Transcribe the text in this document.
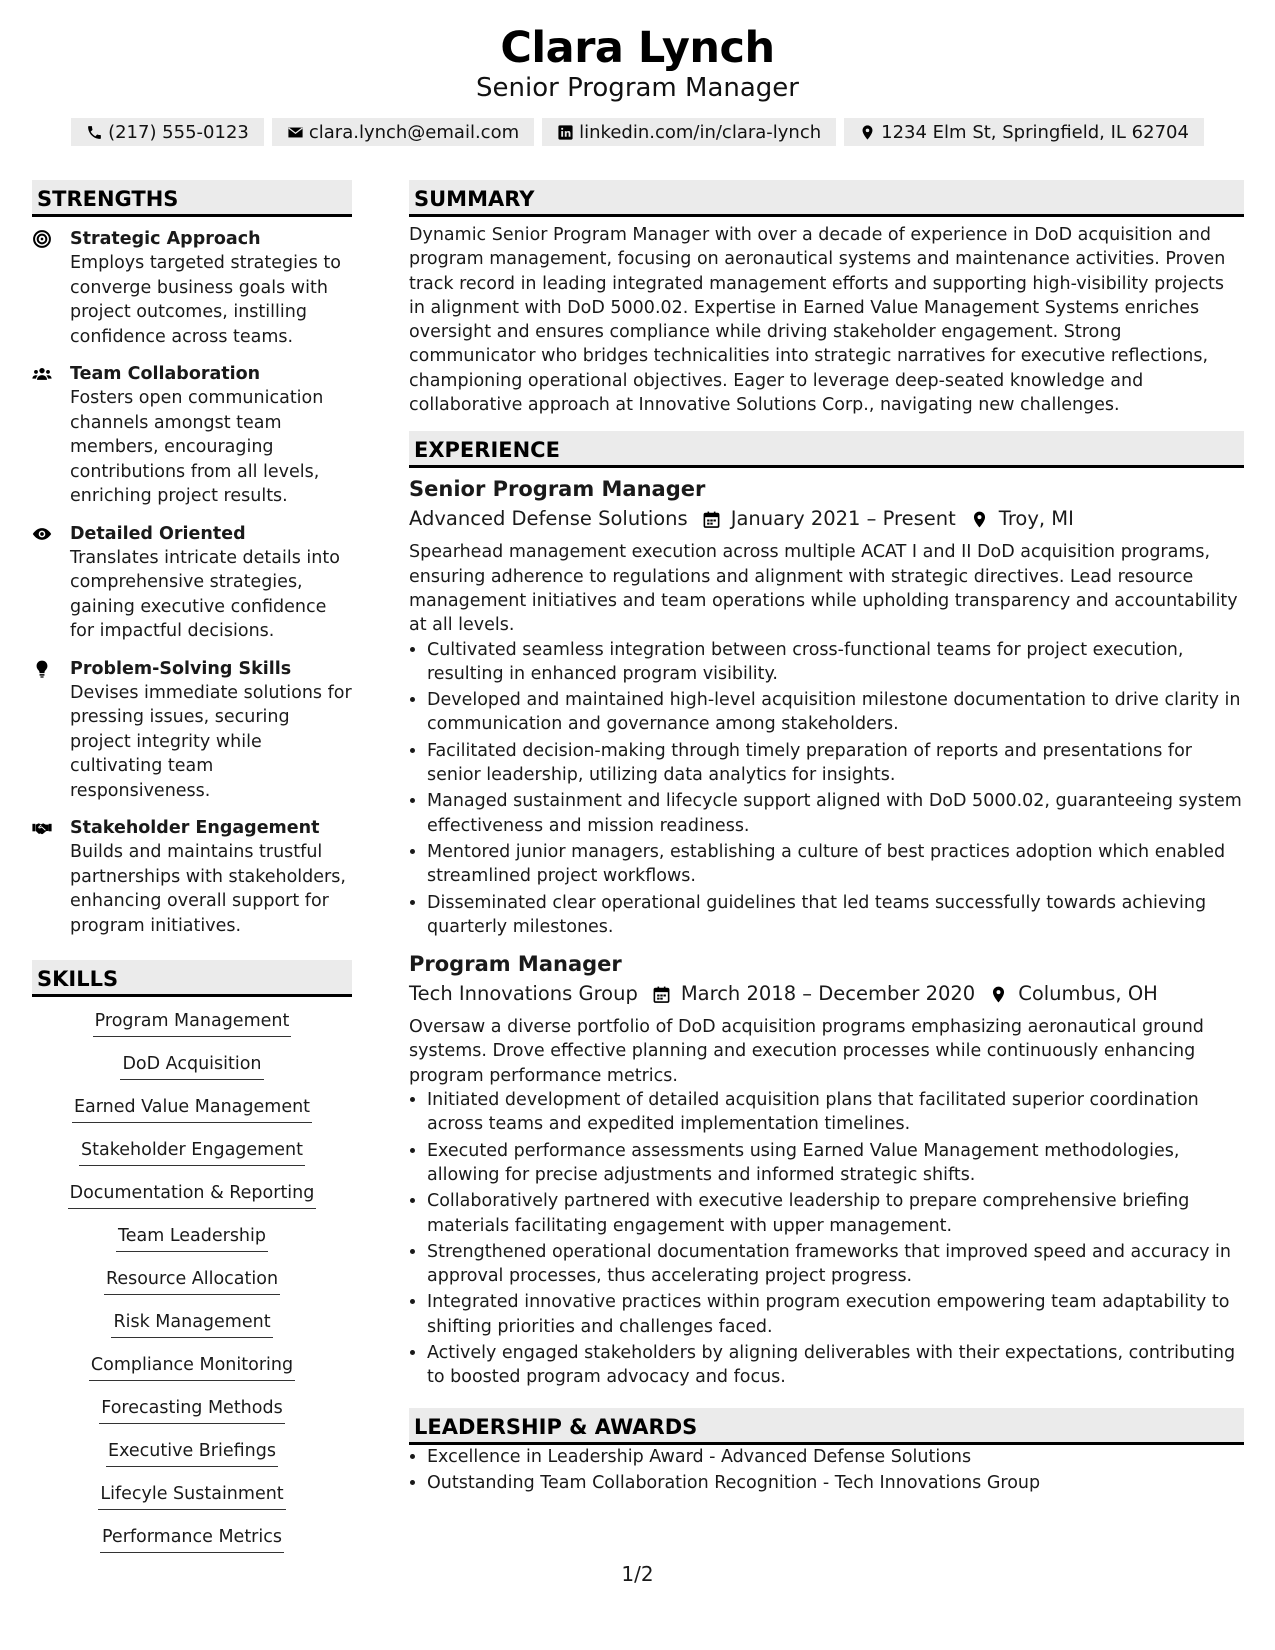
Clara Lynch
Senior Program Manager
(217) 555-0123	clara.lynch@email.com	linkedin.com/in/clara-lynch	1234 Elm St, Springfield, IL 62704
STRENGTHS
Strategic Approach
Employs targeted strategies to converge business goals with project outcomes, instilling confidence across teams.
Team Collaboration
Fosters open communication channels amongst team members, encouraging contributions from all levels, enriching project results.
Detailed Oriented
Translates intricate details into comprehensive strategies, gaining executive confidence for impactful decisions.
Problem-Solving Skills
Devises immediate solutions for pressing issues, securing project integrity while cultivating team responsiveness.
Stakeholder Engagement
Builds and maintains trustful partnerships with stakeholders, enhancing overall support for program initiatives.
SKILLS
Program Management
DoD Acquisition
Earned Value Management
Stakeholder Engagement
Documentation & Reporting
Team Leadership
Resource Allocation
Risk Management
Compliance Monitoring
Forecasting Methods
Executive Briefings
Lifecyle Sustainment
Performance Metrics
SUMMARY
Dynamic Senior Program Manager with over a decade of experience in DoD acquisition and program management, focusing on aeronautical systems and maintenance activities. Proven track record in leading integrated management efforts and supporting high-visibility projects in alignment with DoD 5000.02. Expertise in Earned Value Management Systems enriches oversight and ensures compliance while driving stakeholder engagement. Strong communicator who bridges technicalities into strategic narratives for executive reflections, championing operational objectives. Eager to leverage deep-seated knowledge and collaborative approach at Innovative Solutions Corp., navigating new challenges.
EXPERIENCE
Senior Program Manager
Advanced Defense Solutions January 2021 – Present Troy, MI
Spearhead management execution across multiple ACAT I and II DoD acquisition programs, ensuring adherence to regulations and alignment with strategic directives. Lead resource management initiatives and team operations while upholding transparency and accountability at all levels.
• Cultivated seamless integration between cross-functional teams for project execution, resulting in enhanced program visibility.
• Developed and maintained high-level acquisition milestone documentation to drive clarity in communication and governance among stakeholders.
• Facilitated decision-making through timely preparation of reports and presentations for senior leadership, utilizing data analytics for insights.
• Managed sustainment and lifecycle support aligned with DoD 5000.02, guaranteeing system effectiveness and mission readiness.
• Mentored junior managers, establishing a culture of best practices adoption which enabled streamlined project workflows.
• Disseminated clear operational guidelines that led teams successfully towards achieving quarterly milestones.
Program Manager
Tech Innovations Group March 2018 – December 2020 Columbus, OH
Oversaw a diverse portfolio of DoD acquisition programs emphasizing aeronautical ground systems. Drove effective planning and execution processes while continuously enhancing program performance metrics.
• Initiated development of detailed acquisition plans that facilitated superior coordination across teams and expedited implementation timelines.
• Executed performance assessments using Earned Value Management methodologies, allowing for precise adjustments and informed strategic shifts.
• Collaboratively partnered with executive leadership to prepare comprehensive briefing materials facilitating engagement with upper management.
• Strengthened operational documentation frameworks that improved speed and accuracy in approval processes, thus accelerating project progress.
• Integrated innovative practices within program execution empowering team adaptability to shifting priorities and challenges faced.
• Actively engaged stakeholders by aligning deliverables with their expectations, contributing to boosted program advocacy and focus.
LEADERSHIP & AWARDS
• Excellence in Leadership Award - Advanced Defense Solutions
• Outstanding Team Collaboration Recognition - Tech Innovations Group
1/2
